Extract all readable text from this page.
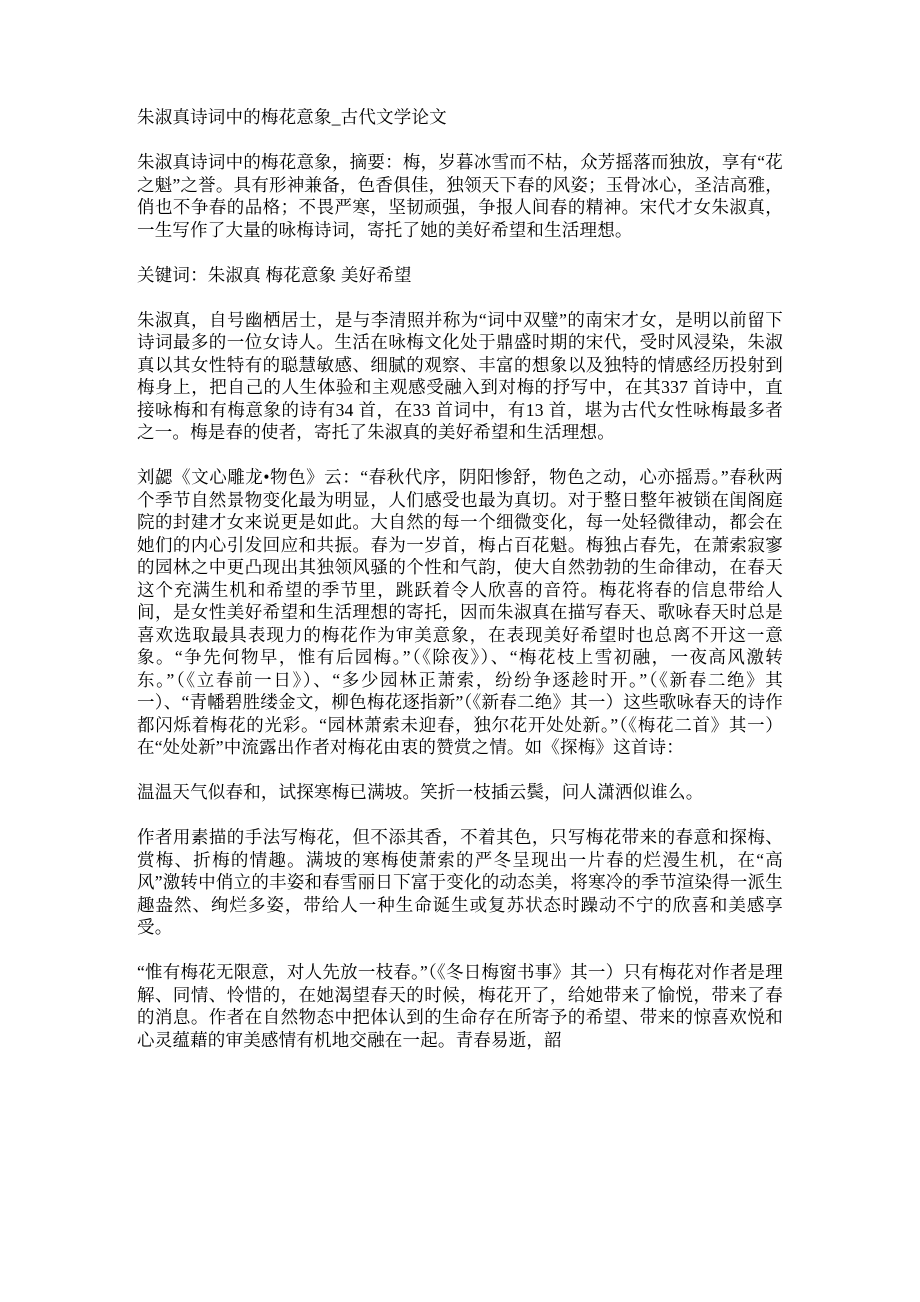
朱淑真诗词中的梅花意象_古代文学论文

朱淑真诗词中的梅花意象，摘要：梅，岁暮冰雪而不枯，众芳摇落而独放，享有“花之魁”之誉。具有形神兼备，色香俱佳，独领天下春的风姿；玉骨冰心，圣洁高雅，俏也不争春的品格；不畏严寒，坚韧顽强，争报人间春的精神。宋代才女朱淑真，一生写作了大量的咏梅诗词，寄托了她的美好希望和生活理想。

关键词：朱淑真 梅花意象 美好希望

朱淑真，自号幽栖居士，是与李清照并称为“词中双璧”的南宋才女，是明以前留下诗词最多的一位女诗人。生活在咏梅文化处于鼎盛时期的宋代，受时风浸染，朱淑真以其女性特有的聪慧敏感、细腻的观察、丰富的想象以及独特的情感经历投射到梅身上，把自己的人生体验和主观感受融入到对梅的抒写中，在其337 首诗中，直接咏梅和有梅意象的诗有34 首，在33 首词中，有13 首，堪为古代女性咏梅最多者之一。梅是春的使者，寄托了朱淑真的美好希望和生活理想。

刘勰《文心雕龙•物色》云：“春秋代序，阴阳惨舒，物色之动，心亦摇焉。”春秋两个季节自然景物变化最为明显，人们感受也最为真切。对于整日整年被锁在闺阁庭院的封建才女来说更是如此。大自然的每一个细微变化，每一处轻微律动，都会在她们的内心引发回应和共振。春为一岁首，梅占百花魁。梅独占春先，在萧索寂寥的园林之中更凸现出其独领风骚的个性和气韵，使大自然勃勃的生命律动，在春天这个充满生机和希望的季节里，跳跃着令人欣喜的音符。梅花将春的信息带给人间，是女性美好希望和生活理想的寄托，因而朱淑真在描写春天、歌咏春天时总是喜欢选取最具表现力的梅花作为审美意象，在表现美好希望时也总离不开这一意象。“争先何物早，惟有后园梅。”（《除夜》）、“梅花枝上雪初融，一夜高风激转东。”（《立春前一日》）、“多少园林正萧索，纷纷争逐趁时开。”（《新春二绝》其一）、“青幡碧胜缕金文，柳色梅花逐指新”（《新春二绝》其一）这些歌咏春天的诗作都闪烁着梅花的光彩。“园林萧索未迎春，独尔花开处处新。”（《梅花二首》其一）在“处处新”中流露出作者对梅花由衷的赞赏之情。如《探梅》这首诗：

温温天气似春和，试探寒梅已满坡。笑折一枝插云鬓，问人潇洒似谁么。

作者用素描的手法写梅花，但不添其香，不着其色，只写梅花带来的春意和探梅、赏梅、折梅的情趣。满坡的寒梅使萧索的严冬呈现出一片春的烂漫生机，在“高风”激转中俏立的丰姿和春雪丽日下富于变化的动态美，将寒冷的季节渲染得一派生趣盎然、绚烂多姿，带给人一种生命诞生或复苏状态时躁动不宁的欣喜和美感享受。

“惟有梅花无限意，对人先放一枝春。”（《冬日梅窗书事》其一）只有梅花对作者是理解、同情、怜惜的，在她渴望春天的时候，梅花开了，给她带来了愉悦，带来了春的消息。作者在自然物态中把体认到的生命存在所寄予的希望、带来的惊喜欢悦和心灵蕴藉的审美感情有机地交融在一起。青春易逝，韶
